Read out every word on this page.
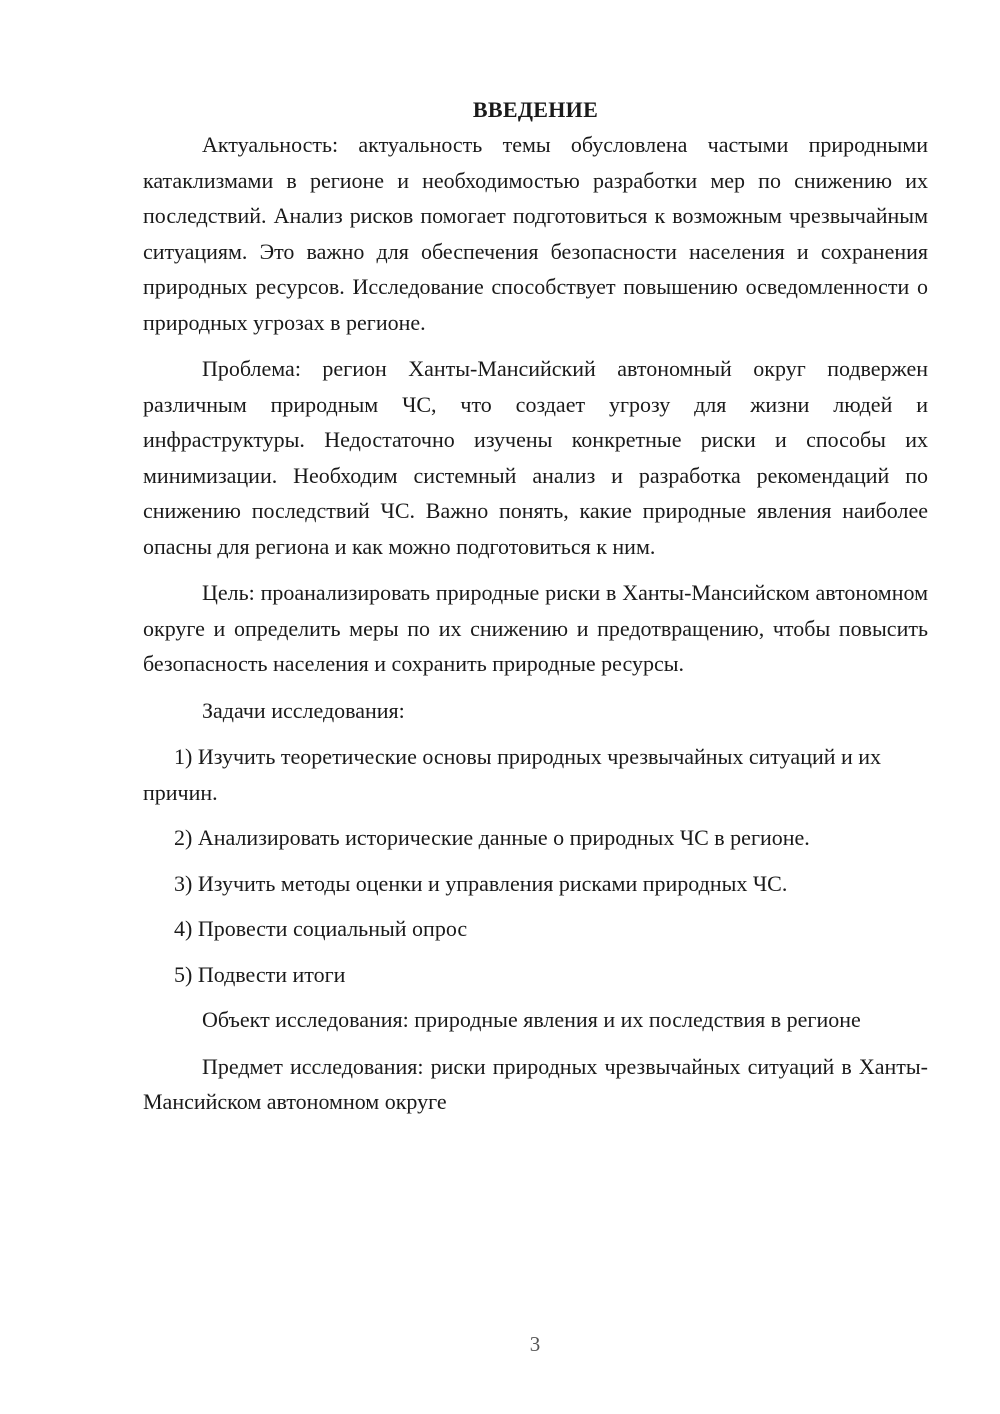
ВВЕДЕНИЕ

Актуальность: актуальность темы обусловлена частыми природными катаклизмами в регионе и необходимостью разработки мер по снижению их последствий. Анализ рисков помогает подготовиться к возможным чрезвычайным ситуациям. Это важно для обеспечения безопасности населения и сохранения природных ресурсов. Исследование способствует повышению осведомленности о природных угрозах в регионе.

Проблема: регион Ханты-Мансийский автономный округ подвержен различным природным ЧС, что создает угрозу для жизни людей и инфраструктуры. Недостаточно изучены конкретные риски и способы их минимизации. Необходим системный анализ и разработка рекомендаций по снижению последствий ЧС. Важно понять, какие природные явления наиболее опасны для региона и как можно подготовиться к ним.

Цель: проанализировать природные риски в Ханты-Мансийском автономном округе и определить меры по их снижению и предотвращению, чтобы повысить безопасность населения и сохранить природные ресурсы.

Задачи исследования:

1) Изучить теоретические основы природных чрезвычайных ситуаций и их причин.

2) Анализировать исторические данные о природных ЧС в регионе.

3) Изучить методы оценки и управления рисками природных ЧС.

4) Провести социальный опрос

5) Подвести итоги

Объект исследования: природные явления и их последствия в регионе

Предмет исследования: риски природных чрезвычайных ситуаций в Ханты-Мансийском автономном округе

3
